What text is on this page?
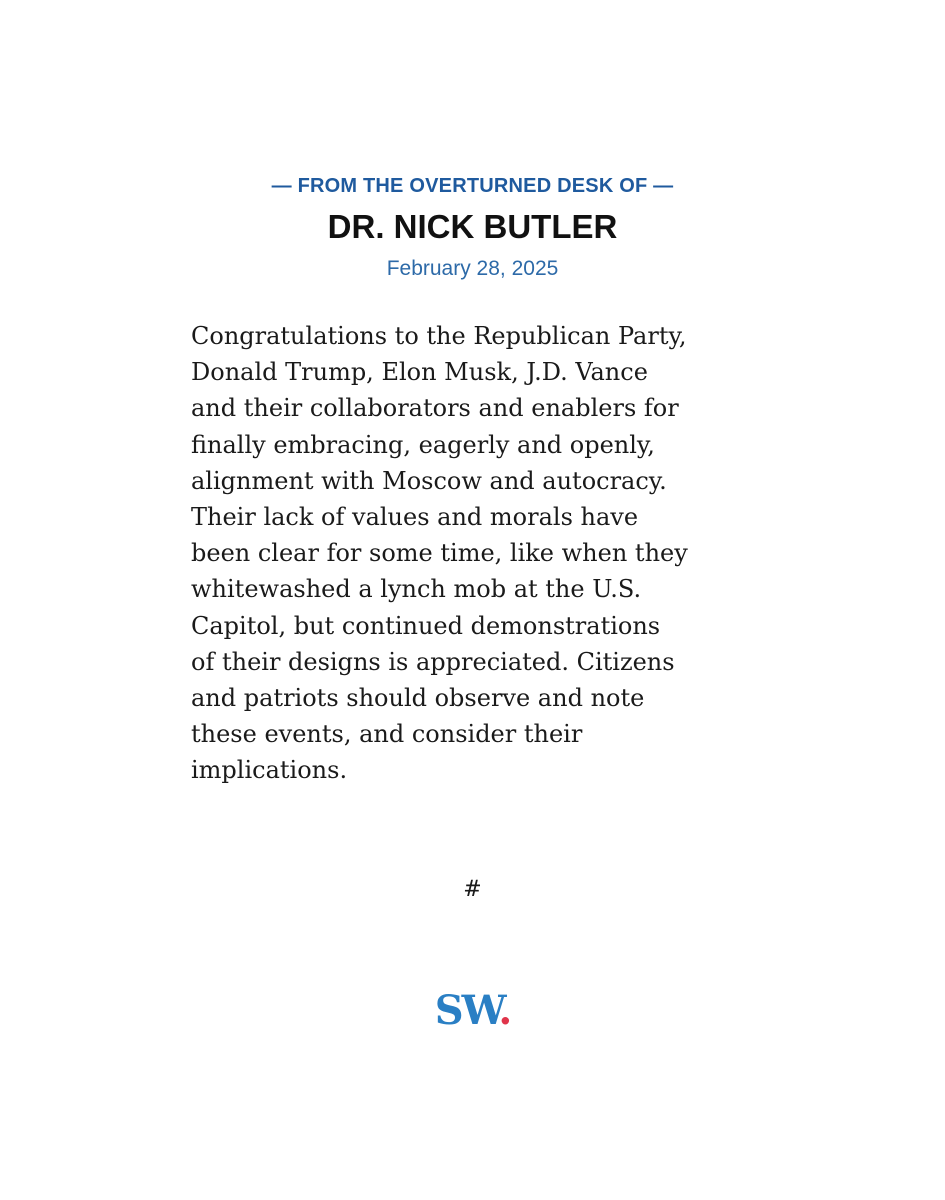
— FROM THE OVERTURNED DESK OF —
DR. NICK BUTLER
February 28, 2025

Congratulations to the Republican Party,
Donald Trump, Elon Musk, J.D. Vance
and their collaborators and enablers for
finally embracing, eagerly and openly,
alignment with Moscow and autocracy.
Their lack of values and morals have
been clear for some time, like when they
whitewashed a lynch mob at the U.S.
Capitol, but continued demonstrations
of their designs is appreciated. Citizens
and patriots should observe and note
these events, and consider their
implications.

#
SW.
